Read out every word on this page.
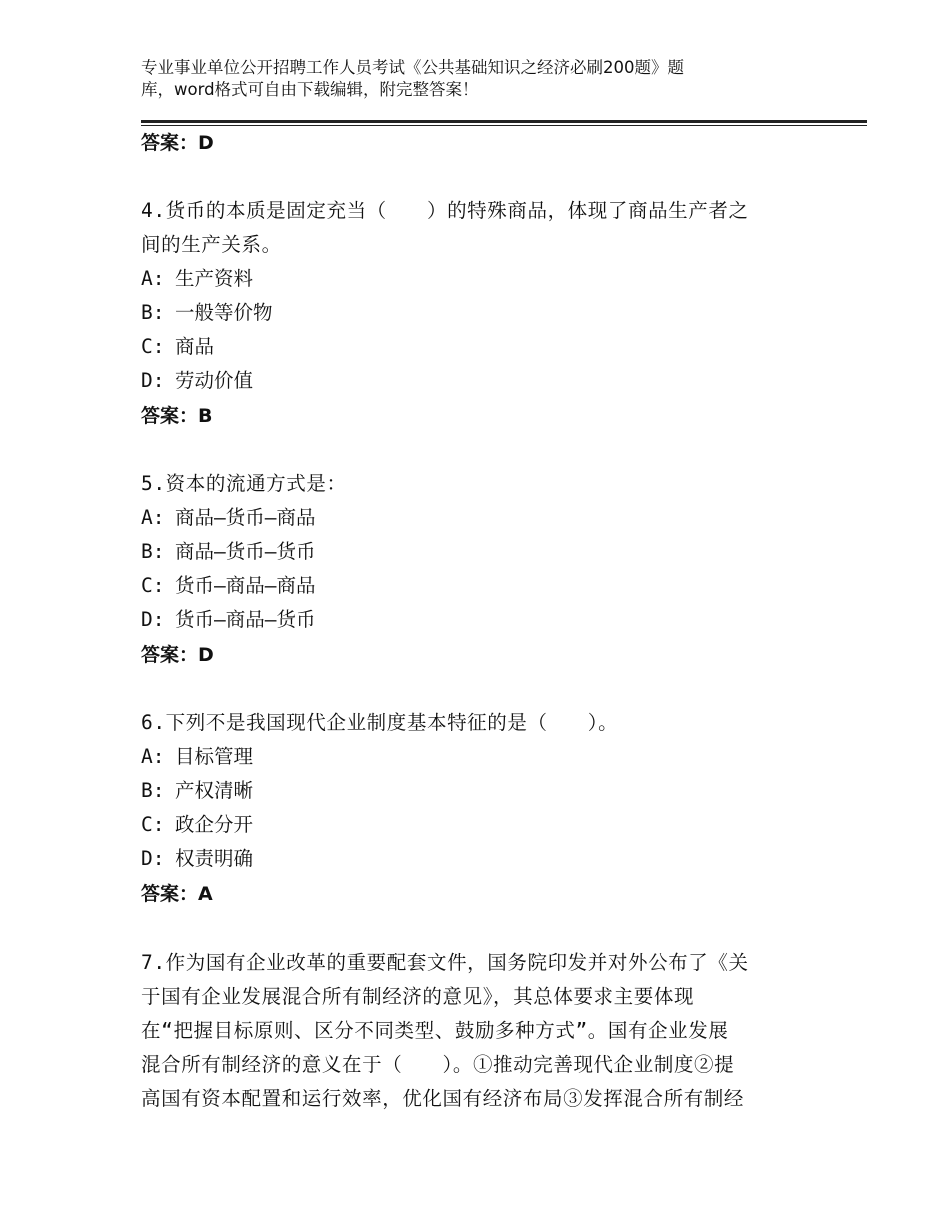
专业事业单位公开招聘工作人员考试《公共基础知识之经济必刷200题》题
库，word格式可自由下载编辑，附完整答案！
答案：D
4.货币的本质是固定充当（　　）的特殊商品，体现了商品生产者之
间的生产关系。
A: 生产资料
B: 一般等价物
C: 商品
D: 劳动价值
答案：B
5.资本的流通方式是：
A: 商品—货币—商品
B: 商品—货币—货币
C: 货币—商品—商品
D: 货币—商品—货币
答案：D
6.下列不是我国现代企业制度基本特征的是（　　）。
A: 目标管理
B: 产权清晰
C: 政企分开
D: 权责明确
答案：A
7.作为国有企业改革的重要配套文件，国务院印发并对外公布了《关
于国有企业发展混合所有制经济的意见》，其总体要求主要体现
在“把握目标原则、区分不同类型、鼓励多种方式”。国有企业发展
混合所有制经济的意义在于（　　）。①推动完善现代企业制度②提
高国有资本配置和运行效率，优化国有经济布局③发挥混合所有制经
